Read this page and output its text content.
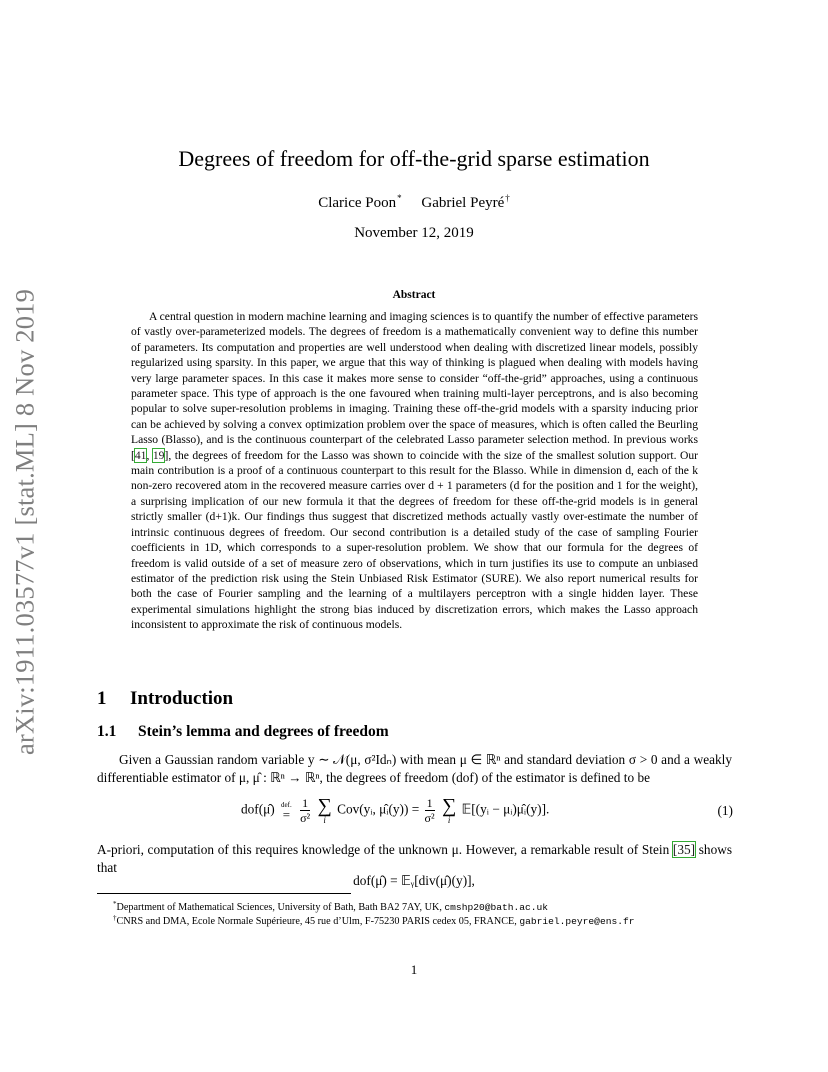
arXiv:1911.03577v1 [stat.ML] 8 Nov 2019
Degrees of freedom for off-the-grid sparse estimation
Clarice Poon* Gabriel Peyré†
November 12, 2019
Abstract
A central question in modern machine learning and imaging sciences is to quantify the number of effective parameters of vastly over-parameterized models. The degrees of freedom is a mathematically convenient way to define this number of parameters. Its computation and properties are well understood when dealing with discretized linear models, possibly regularized using sparsity. In this paper, we argue that this way of thinking is plagued when dealing with models having very large parameter spaces. In this case it makes more sense to consider “off-the-grid” approaches, using a continuous parameter space. This type of approach is the one favoured when training multi-layer perceptrons, and is also becoming popular to solve super-resolution problems in imaging. Training these off-the-grid models with a sparsity inducing prior can be achieved by solving a convex optimization problem over the space of measures, which is often called the Beurling Lasso (Blasso), and is the continuous counterpart of the celebrated Lasso parameter selection method. In previous works [41, 19], the degrees of freedom for the Lasso was shown to coincide with the size of the smallest solution support. Our main contribution is a proof of a continuous counterpart to this result for the Blasso. While in dimension d, each of the k non-zero recovered atom in the recovered measure carries over d + 1 parameters (d for the position and 1 for the weight), a surprising implication of our new formula it that the degrees of freedom for these off-the-grid models is in general strictly smaller (d+1)k. Our findings thus suggest that discretized methods actually vastly over-estimate the number of intrinsic continuous degrees of freedom. Our second contribution is a detailed study of the case of sampling Fourier coefficients in 1D, which corresponds to a super-resolution problem. We show that our formula for the degrees of freedom is valid outside of a set of measure zero of observations, which in turn justifies its use to compute an unbiased estimator of the prediction risk using the Stein Unbiased Risk Estimator (SURE). We also report numerical results for both the case of Fourier sampling and the learning of a multilayers perceptron with a single hidden layer. These experimental simulations highlight the strong bias induced by discretization errors, which makes the Lasso approach inconsistent to approximate the risk of continuous models.
1 Introduction
1.1 Stein’s lemma and degrees of freedom
Given a Gaussian random variable y ∼ 𝒩(μ, σ²Idₙ) with mean μ ∈ ℝⁿ and standard deviation σ > 0 and a weakly differentiable estimator of μ, μ̂ : ℝⁿ → ℝⁿ, the degrees of freedom (dof) of the estimator is defined to be
dof(μ̂) def.
=
$\frac{1}{\text{σ²}}$
∑
i
Cov(yᵢ, μ̂ᵢ(y)) = $\frac{1}{\text{σ²}}$
∑
i
𝔼[(yᵢ − μᵢ)μ̂ᵢ(y)].	(1)
A-priori, computation of this requires knowledge of the unknown μ. However, a remarkable result of Stein [35] shows that
dof(μ̂) = 𝔼ᵧ[div(μ̂)(y)],
*Department of Mathematical Sciences, University of Bath, Bath BA2 7AY, UK, cmshp20@bath.ac.uk
†CNRS and DMA, Ecole Normale Supérieure, 45 rue d’Ulm, F-75230 PARIS cedex 05, FRANCE, gabriel.peyre@ens.fr
1
